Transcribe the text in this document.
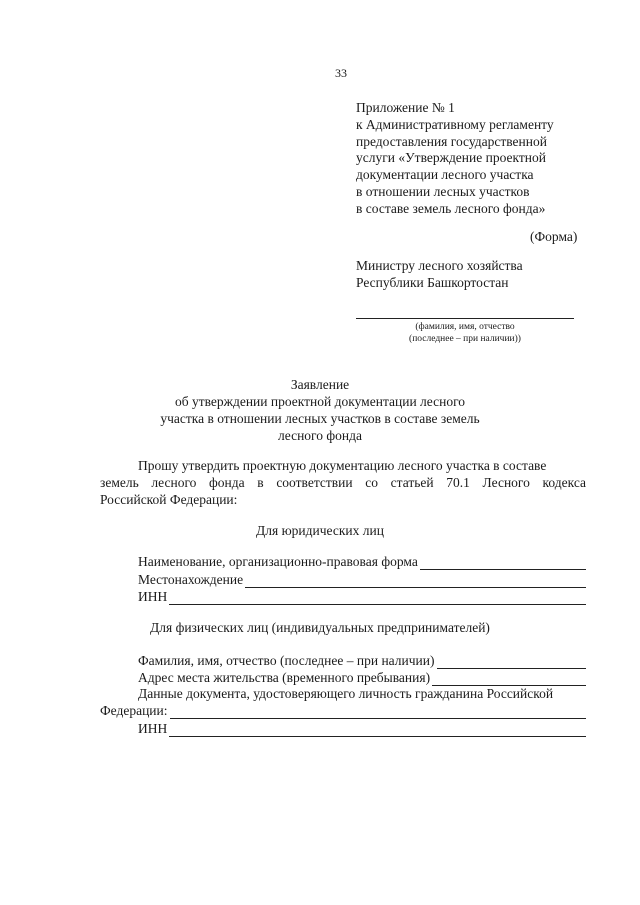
33
Приложение № 1
к Административному регламенту
предоставления государственной
услуги «Утверждение проектной
документации лесного участка
в отношении лесных участков
в составе земель лесного фонда»
(Форма)
Министру лесного хозяйства
Республики Башкортостан
(фамилия, имя, отчество
(последнее – при наличии))
Заявление
об утверждении проектной документации лесного
участка в отношении лесных участков в составе земель
лесного фонда
Прошу утвердить проектную документацию лесного участка в составе
земель лесного фонда в соответствии со статьей 70.1 Лесного кодекса
Российской Федерации:
Для юридических лиц
Наименование, организационно-правовая форма
Местонахождение
ИНН
Для физических лиц (индивидуальных предпринимателей)
Фамилия, имя, отчество (последнее – при наличии)
Адрес места жительства (временного пребывания)
Данные документа, удостоверяющего личность гражданина Российской
Федерации:
ИНН
